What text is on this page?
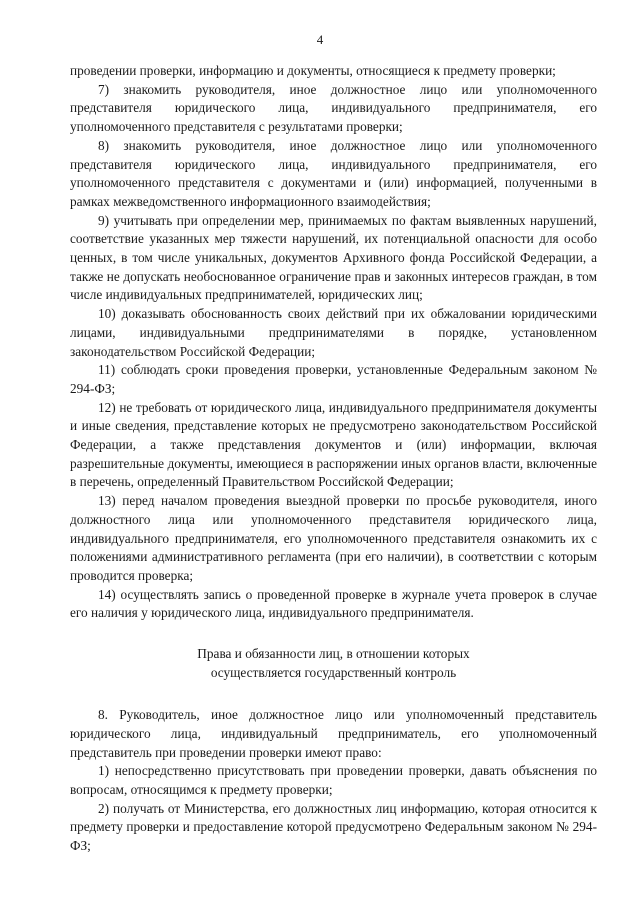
4

проведении проверки, информацию и документы, относящиеся к предмету проверки;

7) знакомить руководителя, иное должностное лицо или уполномоченного представителя юридического лица, индивидуального предпринимателя, его уполномоченного представителя с результатами проверки;

8) знакомить руководителя, иное должностное лицо или уполномоченного представителя юридического лица, индивидуального предпринимателя, его уполномоченного представителя с документами и (или) информацией, полученными в рамках межведомственного информационного взаимодействия;

9) учитывать при определении мер, принимаемых по фактам выявленных нарушений, соответствие указанных мер тяжести нарушений, их потенциальной опасности для особо ценных, в том числе уникальных, документов Архивного фонда Российской Федерации, а также не допускать необоснованное ограничение прав и законных интересов граждан, в том числе индивидуальных предпринимателей, юридических лиц;

10) доказывать обоснованность своих действий при их обжаловании юридическими лицами, индивидуальными предпринимателями в порядке, установленном законодательством Российской Федерации;

11) соблюдать сроки проведения проверки, установленные Федеральным законом № 294-ФЗ;

12) не требовать от юридического лица, индивидуального предпринимателя документы и иные сведения, представление которых не предусмотрено законодательством Российской Федерации, а также представления документов и (или) информации, включая разрешительные документы, имеющиеся в распоряжении иных органов власти, включенные в перечень, определенный Правительством Российской Федерации;

13) перед началом проведения выездной проверки по просьбе руководителя, иного должностного лица или уполномоченного представителя юридического лица, индивидуального предпринимателя, его уполномоченного представителя ознакомить их с положениями административного регламента (при его наличии), в соответствии с которым проводится проверка;

14) осуществлять запись о проведенной проверке в журнале учета проверок в случае его наличия у юридического лица, индивидуального предпринимателя.

Права и обязанности лиц, в отношении которых
осуществляется государственный контроль

8. Руководитель, иное должностное лицо или уполномоченный представитель юридического лица, индивидуальный предприниматель, его уполномоченный представитель при проведении проверки имеют право:

1) непосредственно присутствовать при проведении проверки, давать объяснения по вопросам, относящимся к предмету проверки;

2) получать от Министерства, его должностных лиц информацию, которая относится к предмету проверки и предоставление которой предусмотрено Федеральным законом № 294-ФЗ;
